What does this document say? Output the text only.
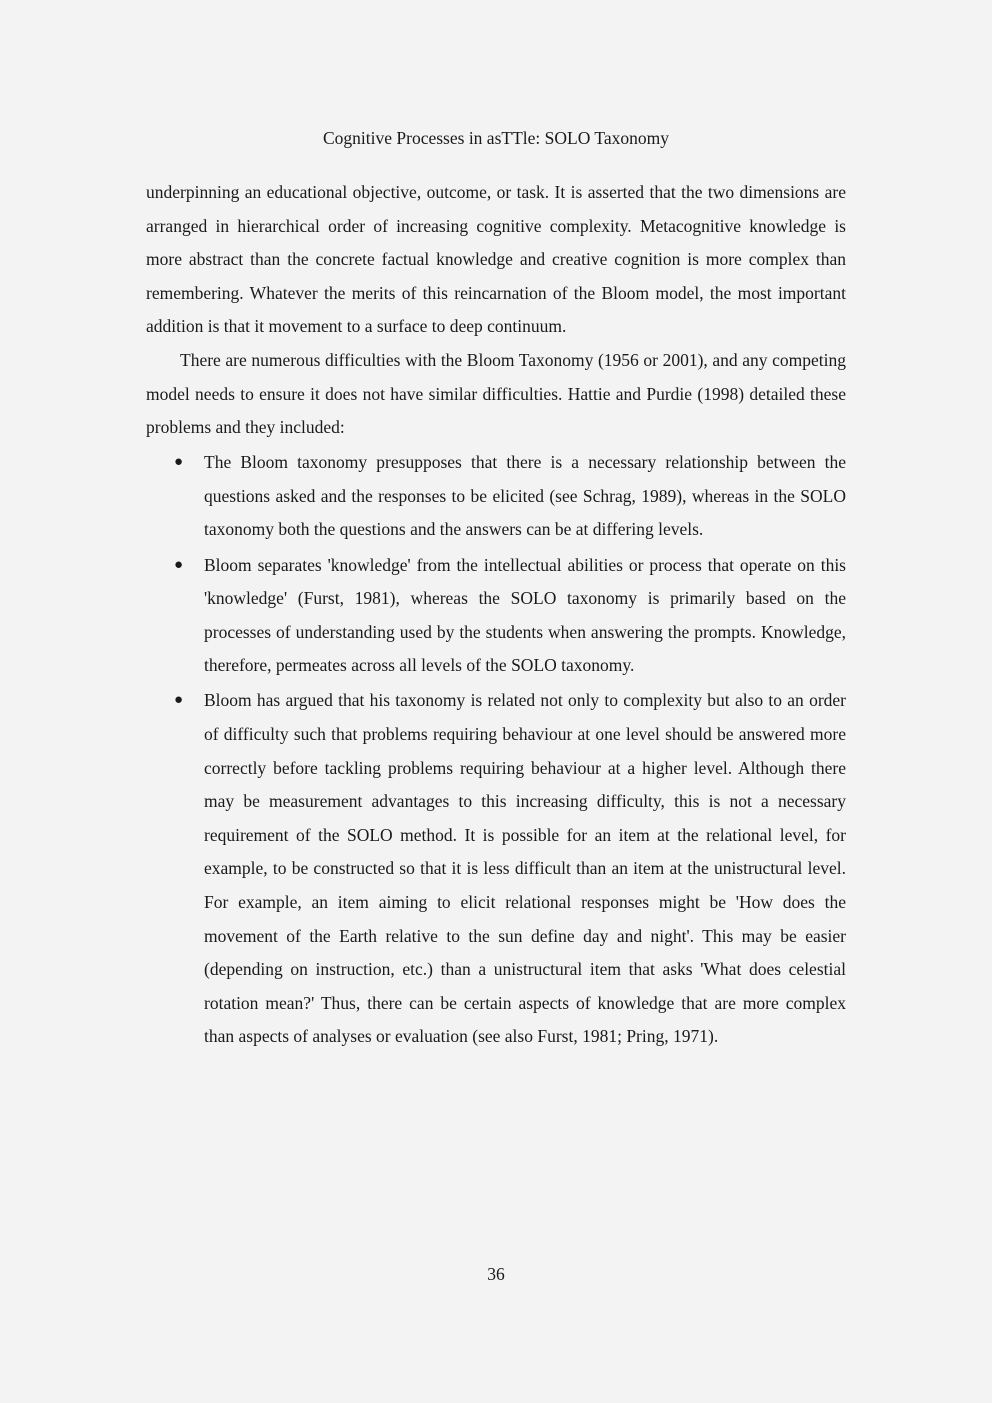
Cognitive Processes in asTTle: SOLO Taxonomy

underpinning an educational objective, outcome, or task. It is asserted that the two dimensions are arranged in hierarchical order of increasing cognitive complexity. Metacognitive knowledge is more abstract than the concrete factual knowledge and creative cognition is more complex than remembering. Whatever the merits of this reincarnation of the Bloom model, the most important addition is that it movement to a surface to deep continuum.

There are numerous difficulties with the Bloom Taxonomy (1956 or 2001), and any competing model needs to ensure it does not have similar difficulties. Hattie and Purdie (1998) detailed these problems and they included:

●	The Bloom taxonomy presupposes that there is a necessary relationship between the questions asked and the responses to be elicited (see Schrag, 1989), whereas in the SOLO taxonomy both the questions and the answers can be at differing levels.
●	Bloom separates 'knowledge' from the intellectual abilities or process that operate on this 'knowledge' (Furst, 1981), whereas the SOLO taxonomy is primarily based on the processes of understanding used by the students when answering the prompts. Knowledge, therefore, permeates across all levels of the SOLO taxonomy.
●	Bloom has argued that his taxonomy is related not only to complexity but also to an order of difficulty such that problems requiring behaviour at one level should be answered more correctly before tackling problems requiring behaviour at a higher level. Although there may be measurement advantages to this increasing difficulty, this is not a necessary requirement of the SOLO method. It is possible for an item at the relational level, for example, to be constructed so that it is less difficult than an item at the unistructural level. For example, an item aiming to elicit relational responses might be 'How does the movement of the Earth relative to the sun define day and night'. This may be easier (depending on instruction, etc.) than a unistructural item that asks 'What does celestial rotation mean?' Thus, there can be certain aspects of knowledge that are more complex than aspects of analyses or evaluation (see also Furst, 1981; Pring, 1971).
36
